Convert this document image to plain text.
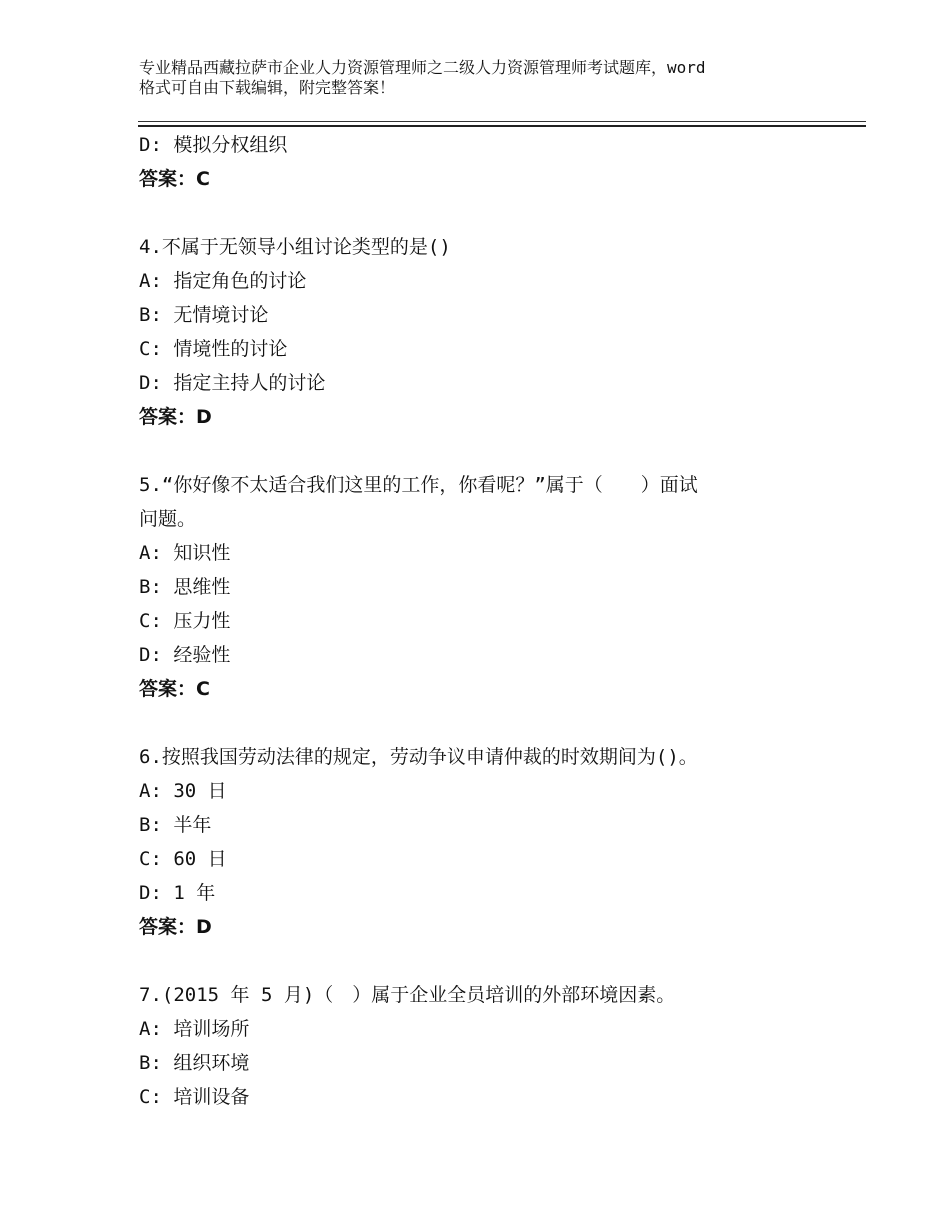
专业精品西藏拉萨市企业人力资源管理师之二级人力资源管理师考试题库，word
格式可自由下载编辑，附完整答案！
D: 模拟分权组织
答案：C
4.不属于无领导小组讨论类型的是()
A: 指定角色的讨论
B: 无情境讨论
C: 情境性的讨论
D: 指定主持人的讨论
答案：D
5.“你好像不太适合我们这里的工作，你看呢？”属于（　　）面试
问题。
A: 知识性
B: 思维性
C: 压力性
D: 经验性
答案：C
6.按照我国劳动法律的规定，劳动争议申请仲裁的时效期间为()。
A: 30 日
B: 半年
C: 60 日
D: 1 年
答案：D
7.(2015 年 5 月)（　）属于企业全员培训的外部环境因素。
A: 培训场所
B: 组织环境
C: 培训设备
